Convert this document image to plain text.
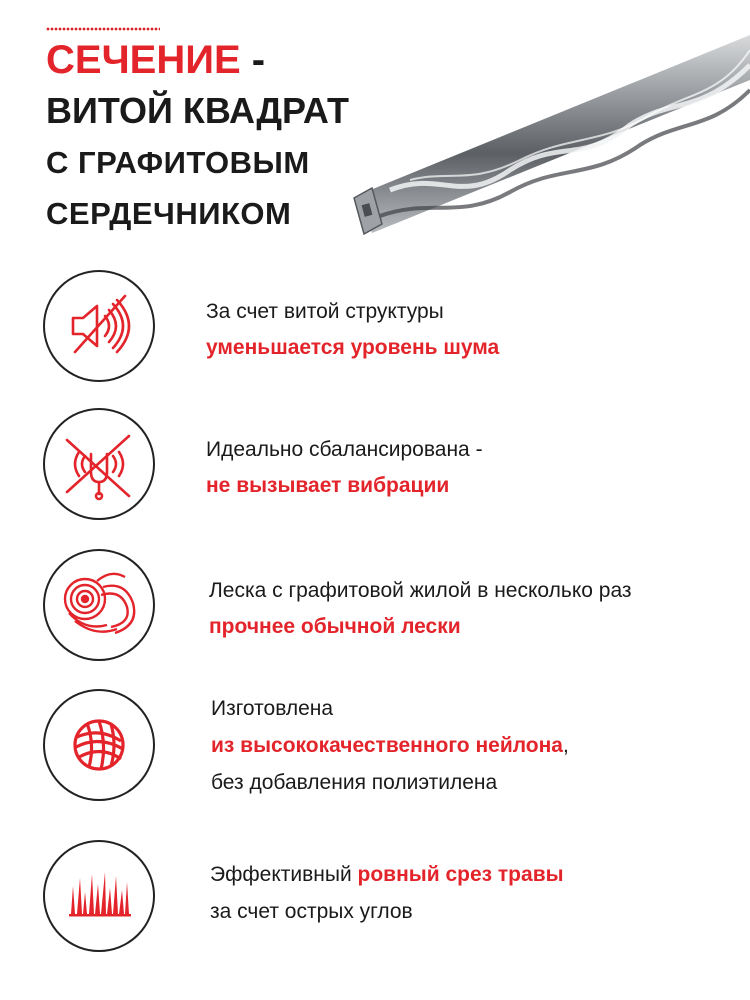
СЕЧЕНИЕ -
ВИТОЙ КВАДРАТ
С ГРАФИТОВЫМ
СЕРДЕЧНИКОМ
За счет витой структуры
уменьшается уровень шума
Идеально сбалансирована -
не вызывает вибрации
Леска с графитовой жилой в несколько раз
прочнее обычной лески
Изготовлена
из высококачественного нейлона,
без добавления полиэтилена
Эффективный ровный срез травы
за счет острых углов
